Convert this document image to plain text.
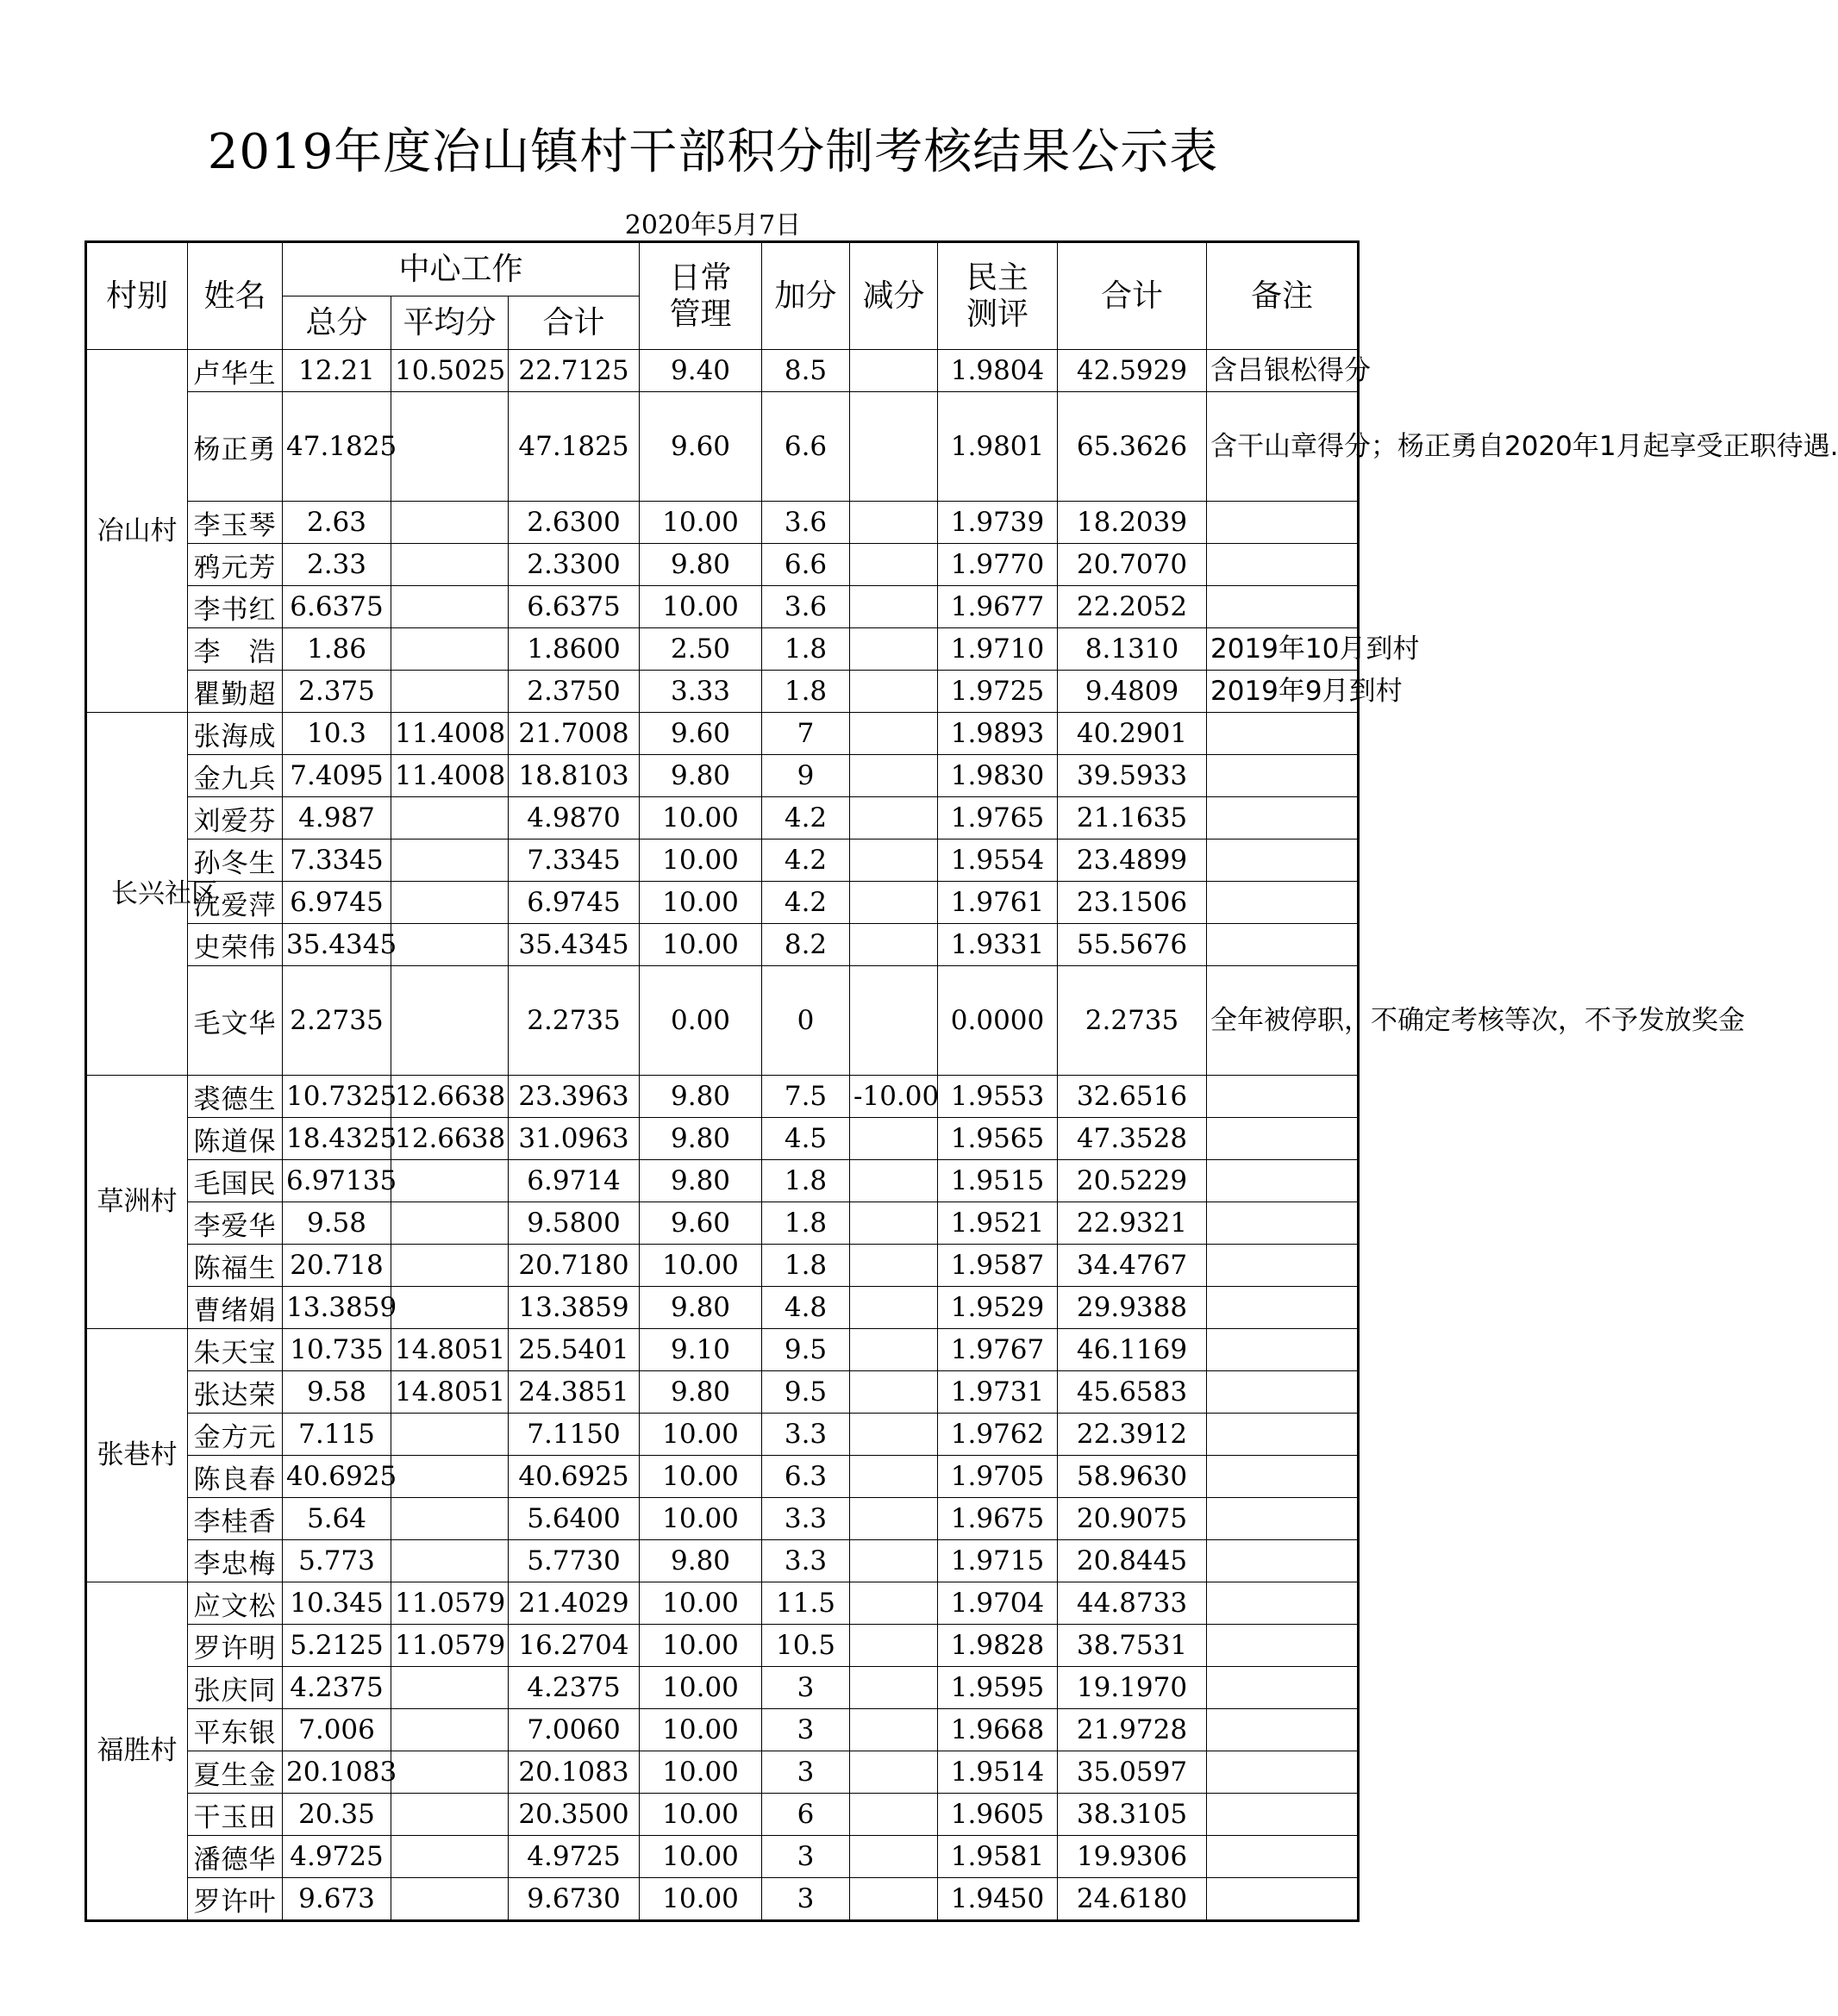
2019年度冶山镇村干部积分制考核结果公示表
2020年5月7日
村别	姓名	中心工作			日常管理	加分	减分	民主测评	合计	备注
		总分	平均分	合计						
冶山村	卢华生	12.21	10.5025	22.7125	9.40	8.5		1.9804	42.5929	含吕银松得分
	杨正勇	47.1825		47.1825	9.60	6.6		1.9801	65.3626	含干山章得分；杨正勇自2020年1月起享受正职待遇.
	李玉琴	2.63		2.6300	10.00	3.6		1.9739	18.2039	
	鸦元芳	2.33		2.3300	9.80	6.6		1.9770	20.7070	
	李书红	6.6375		6.6375	10.00	3.6		1.9677	22.2052	
	李　浩	1.86		1.8600	2.50	1.8		1.9710	8.1310	2019年10月到村
	瞿勤超	2.375		2.3750	3.33	1.8		1.9725	9.4809	2019年9月到村
长兴社区	张海成	10.3	11.4008	21.7008	9.60	7		1.9893	40.2901	
	金九兵	7.4095	11.4008	18.8103	9.80	9		1.9830	39.5933	
	刘爱芬	4.987		4.9870	10.00	4.2		1.9765	21.1635	
	孙冬生	7.3345		7.3345	10.00	4.2		1.9554	23.4899	
	沈爱萍	6.9745		6.9745	10.00	4.2		1.9761	23.1506	
	史荣伟	35.4345		35.4345	10.00	8.2		1.9331	55.5676	
	毛文华	2.2735		2.2735	0.00	0		0.0000	2.2735	全年被停职，不确定考核等次，不予发放奖金
草洲村	裘德生	10.7325	12.6638	23.3963	9.80	7.5	-10.00	1.9553	32.6516	
	陈道保	18.4325	12.6638	31.0963	9.80	4.5		1.9565	47.3528	
	毛国民	6.97135		6.9714	9.80	1.8		1.9515	20.5229	
	李爱华	9.58		9.5800	9.60	1.8		1.9521	22.9321	
	陈福生	20.718		20.7180	10.00	1.8		1.9587	34.4767	
	曹绪娟	13.3859		13.3859	9.80	4.8		1.9529	29.9388	
张巷村	朱天宝	10.735	14.8051	25.5401	9.10	9.5		1.9767	46.1169	
	张达荣	9.58	14.8051	24.3851	9.80	9.5		1.9731	45.6583	
	金方元	7.115		7.1150	10.00	3.3		1.9762	22.3912	
	陈良春	40.6925		40.6925	10.00	6.3		1.9705	58.9630	
	李桂香	5.64		5.6400	10.00	3.3		1.9675	20.9075	
	李忠梅	5.773		5.7730	9.80	3.3		1.9715	20.8445	
福胜村	应文松	10.345	11.0579	21.4029	10.00	11.5		1.9704	44.8733	
	罗许明	5.2125	11.0579	16.2704	10.00	10.5		1.9828	38.7531	
	张庆同	4.2375		4.2375	10.00	3		1.9595	19.1970	
	平东银	7.006		7.0060	10.00	3		1.9668	21.9728	
	夏生金	20.1083		20.1083	10.00	3		1.9514	35.0597	
	干玉田	20.35		20.3500	10.00	6		1.9605	38.3105	
	潘德华	4.9725		4.9725	10.00	3		1.9581	19.9306	
	罗许叶	9.673		9.6730	10.00	3		1.9450	24.6180	
